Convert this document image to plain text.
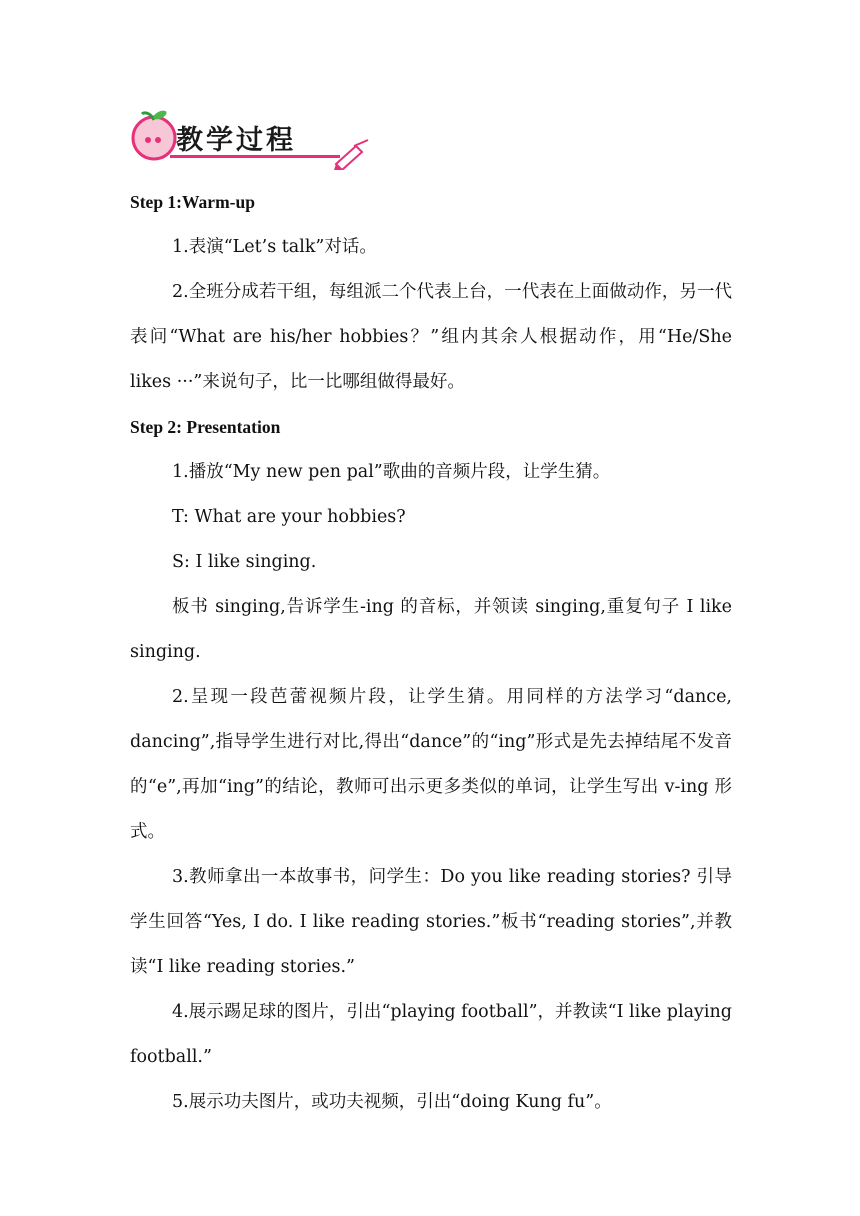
教学过程

Step 1:Warm-up

1.表演“Let’s talk”对话。

2.全班分成若干组，每组派二个代表上台，一代表在上面做动作，另一代表问“What are his/her hobbies？”组内其余人根据动作，用“He/She likes ···”来说句子，比一比哪组做得最好。

Step 2: Presentation

1.播放“My new pen pal”歌曲的音频片段，让学生猜。

T: What are your hobbies?

S: I like singing.

板书 singing,告诉学生-ing 的音标，并领读 singing,重复句子 I like singing.

2.呈现一段芭蕾视频片段，让学生猜。用同样的方法学习“dance, dancing”,指导学生进行对比,得出“dance”的“ing”形式是先去掉结尾不发音的“e”,再加“ing”的结论，教师可出示更多类似的单词，让学生写出 v-ing 形式。

3.教师拿出一本故事书，问学生：Do you like reading stories? 引导学生回答“Yes, I do. I like reading stories.”板书“reading stories”,并教读“I like reading stories.”

4.展示踢足球的图片，引出“playing football”，并教读“I like playing football.”

5.展示功夫图片，或功夫视频，引出“doing Kung fu”。
